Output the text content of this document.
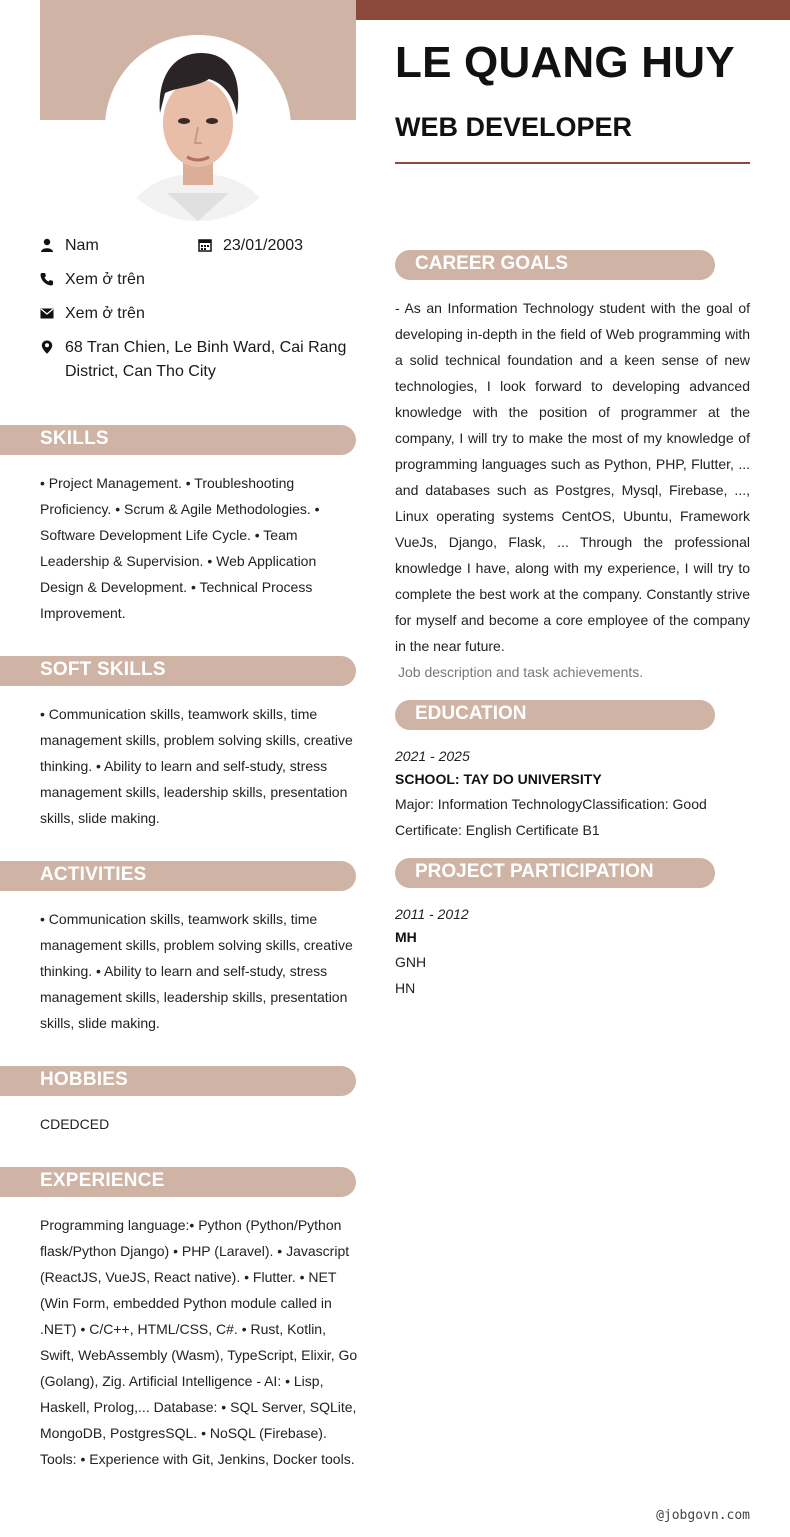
Nam	23/01/2003
Xem ở trên
Xem ở trên
68 Tran Chien, Le Binh Ward, Cai Rang District, Can Tho City
SKILLS
• Project Management. • Troubleshooting Proficiency. • Scrum & Agile Methodologies. • Software Development Life Cycle. • Team Leadership & Supervision. • Web Application Design & Development. • Technical Process Improvement.
SOFT SKILLS
• Communication skills, teamwork skills, time management skills, problem solving skills, creative thinking. • Ability to learn and self-study, stress management skills, leadership skills, presentation skills, slide making.
ACTIVITIES
• Communication skills, teamwork skills, time management skills, problem solving skills, creative thinking. • Ability to learn and self-study, stress management skills, leadership skills, presentation skills, slide making.
HOBBIES
CDEDCED
EXPERIENCE
Programming language:• Python (Python/Python flask/Python Django) • PHP (Laravel). • Javascript (ReactJS, VueJS, React native). • Flutter. • NET (Win Form, embedded Python module called in .NET) • C/C++, HTML/CSS, C#. • Rust, Kotlin, Swift, WebAssembly (Wasm), TypeScript, Elixir, Go (Golang), Zig. Artificial Intelligence - AI: • Lisp, Haskell, Prolog,... Database: • SQL Server, SQLite, MongoDB, PostgresSQL. • NoSQL (Firebase). Tools: • Experience with Git, Jenkins, Docker tools.
LE QUANG HUY
WEB DEVELOPER
CAREER GOALS
- As an Information Technology student with the goal of developing in-depth in the field of Web programming with a solid technical foundation and a keen sense of new technologies, I look forward to developing advanced knowledge with the position of programmer at the company, I will try to make the most of my knowledge of programming languages such as Python, PHP, Flutter, ... and databases such as Postgres, Mysql, Firebase, ..., Linux operating systems CentOS, Ubuntu, Framework VueJs, Django, Flask, ... Through the professional knowledge I have, along with my experience, I will try to complete the best work at the company. Constantly strive for myself and become a core employee of the company in the near future.
Job description and task achievements.
EDUCATION
2021 - 2025
SCHOOL: TAY DO UNIVERSITY
Major: Information TechnologyClassification: Good
Certificate: English Certificate B1
PROJECT PARTICIPATION
2011 - 2012
MH
GNH
HN
@jobgovn.com
